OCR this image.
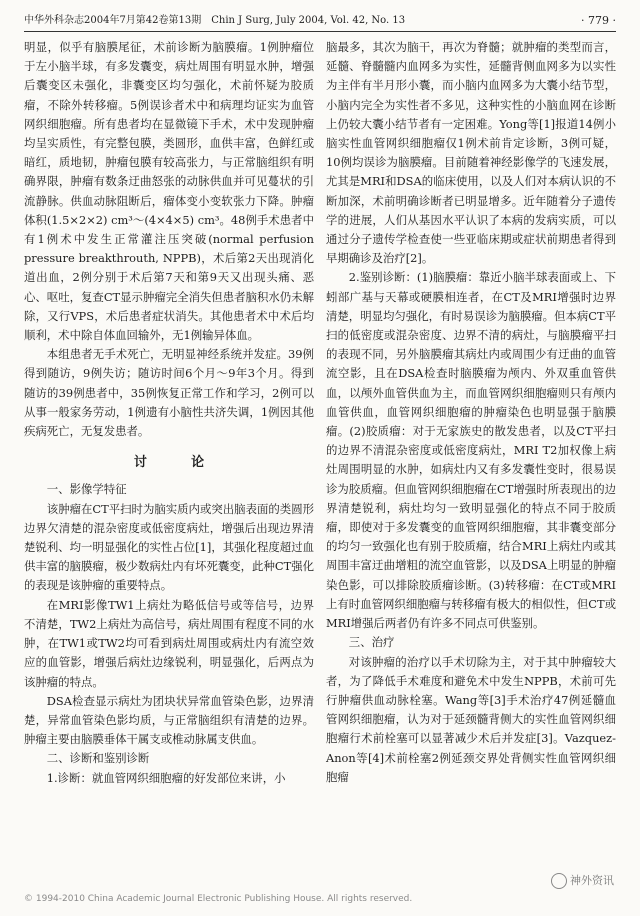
中华外科杂志2004年7月第42卷第13期　Chin J Surg, July 2004, Vol. 42, No. 13	· 779 ·

明显，似乎有脑膜尾征，术前诊断为脑膜瘤。1例肿瘤位于左小脑半球，有多发囊变，病灶周围有明显水肿，增强后囊变区未强化，非囊变区均匀强化，术前怀疑为胶质瘤，不除外转移瘤。5例误诊者术中和病理均证实为血管网织细胞瘤。所有患者均在显微镜下手术，术中发现肿瘤均呈实质性，有完整包膜，类圆形，血供丰富，色鲜红或暗红，质地韧，肿瘤包膜有较高张力，与正常脑组织有明确界限，肿瘤有数条迂曲怒张的动脉供血并可见蔓状的引流静脉。供血动脉阻断后，瘤体变小变软张力下降。肿瘤体积(1.5×2×2) cm³～(4×4×5) cm³。48例手术患者中有1例术中发生正常灌注压突破(normal perfusion pressure breakthrouth, NPPB)，术后第2天出现消化道出血，2例分别于术后第7天和第9天又出现头痛、恶心、呕吐，复查CT显示肿瘤完全消失但患者脑积水仍未解除，又行VPS，术后患者症状消失。其他患者术中术后均顺利，术中除自体血回输外，无1例输异体血。

本组患者无手术死亡，无明显神经系统并发症。39例得到随访，9例失访；随访时间6个月～9年3个月。得到随访的39例患者中，35例恢复正常工作和学习，2例可以从事一般家务劳动，1例遗有小脑性共济失调，1例因其他疾病死亡，无复发患者。

讨　论
一、影像学特征

该肿瘤在CT平扫时为脑实质内或突出脑表面的类圆形边界欠清楚的混杂密度或低密度病灶，增强后出现边界清楚锐利、均一明显强化的实性占位[1]，其强化程度超过血供丰富的脑膜瘤，极少数病灶内有坏死囊变，此种CT强化的表现是该肿瘤的重要特点。

在MRI影像TW1上病灶为略低信号或等信号，边界不清楚，TW2上病灶为高信号，病灶周围有程度不同的水肿，在TW1或TW2均可看到病灶周围或病灶内有流空效应的血管影，增强后病灶边缘锐利，明显强化，后两点为该肿瘤的特点。

DSA检查显示病灶为团块状异常血管染色影，边界清楚，异常血管染色影均质，与正常脑组织有清楚的边界。肿瘤主要由脑膜垂体干属支或椎动脉属支供血。

二、诊断和鉴别诊断

1.诊断：就血管网织细胞瘤的好发部位来讲，小

脑最多，其次为脑干，再次为脊髓；就肿瘤的类型而言，延髓、脊髓髓内血网多为实性，延髓背侧血网多为以实性为主伴有半月形小囊，而小脑内血网多为大囊小结节型，小脑内完全为实性者不多见，这种实性的小脑血网在诊断上仍较大囊小结节者有一定困难。Yong等[1]报道14例小脑实性血管网织细胞瘤仅1例术前肯定诊断，3例可疑，10例均误诊为脑膜瘤。目前随着神经影像学的飞速发展，尤其是MRI和DSA的临床使用，以及人们对本病认识的不断加深，术前明确诊断者已明显增多。近年随着分子遗传学的进展，人们从基因水平认识了本病的发病实质，可以通过分子遗传学检查使一些亚临床期或症状前期患者得到早期确诊及治疗[2]。

2.鉴别诊断：(1)脑膜瘤：靠近小脑半球表面或上、下蚓部广基与天幕或硬膜相连者，在CT及MRI增强时边界清楚，明显均匀强化，有时易误诊为脑膜瘤。但本病CT平扫的低密度或混杂密度、边界不清的病灶，与脑膜瘤平扫的表现不同，另外脑膜瘤其病灶内或周围少有迂曲的血管流空影，且在DSA检查时脑膜瘤为颅内、外双重血管供血，以颅外血管供血为主，而血管网织细胞瘤则只有颅内血管供血，血管网织细胞瘤的肿瘤染色也明显强于脑膜瘤。(2)胶质瘤：对于无家族史的散发患者，以及CT平扫的边界不清混杂密度或低密度病灶，MRI T2加权像上病灶周围明显的水肿，如病灶内又有多发囊性变时，很易误诊为胶质瘤。但血管网织细胞瘤在CT增强时所表现出的边界清楚锐利，病灶均匀一致明显强化的特点不同于胶质瘤，即使对于多发囊变的血管网织细胞瘤，其非囊变部分的均匀一致强化也有别于胶质瘤，结合MRI上病灶内或其周围丰富迂曲增粗的流空血管影，以及DSA上明显的肿瘤染色影，可以排除胶质瘤诊断。(3)转移瘤：在CT或MRI上有时血管网织细胞瘤与转移瘤有极大的相似性，但CT或MRI增强后两者仍有许多不同点可供鉴别。

三、治疗

对该肿瘤的治疗以手术切除为主，对于其中肿瘤较大者，为了降低手术难度和避免术中发生NPPB，术前可先行肿瘤供血动脉栓塞。Wang等[3]手术治疗47例延髓血管网织细胞瘤，认为对于延颈髓背侧大的实性血管网织细胞瘤行术前栓塞可以显著减少术后并发症[3]。Vazquez-Anon等[4]术前栓塞2例延颈交界处背侧实性血管网织细胞瘤

神外资讯
© 1994-2010 China Academic Journal Electronic Publishing House. All rights reserved.
